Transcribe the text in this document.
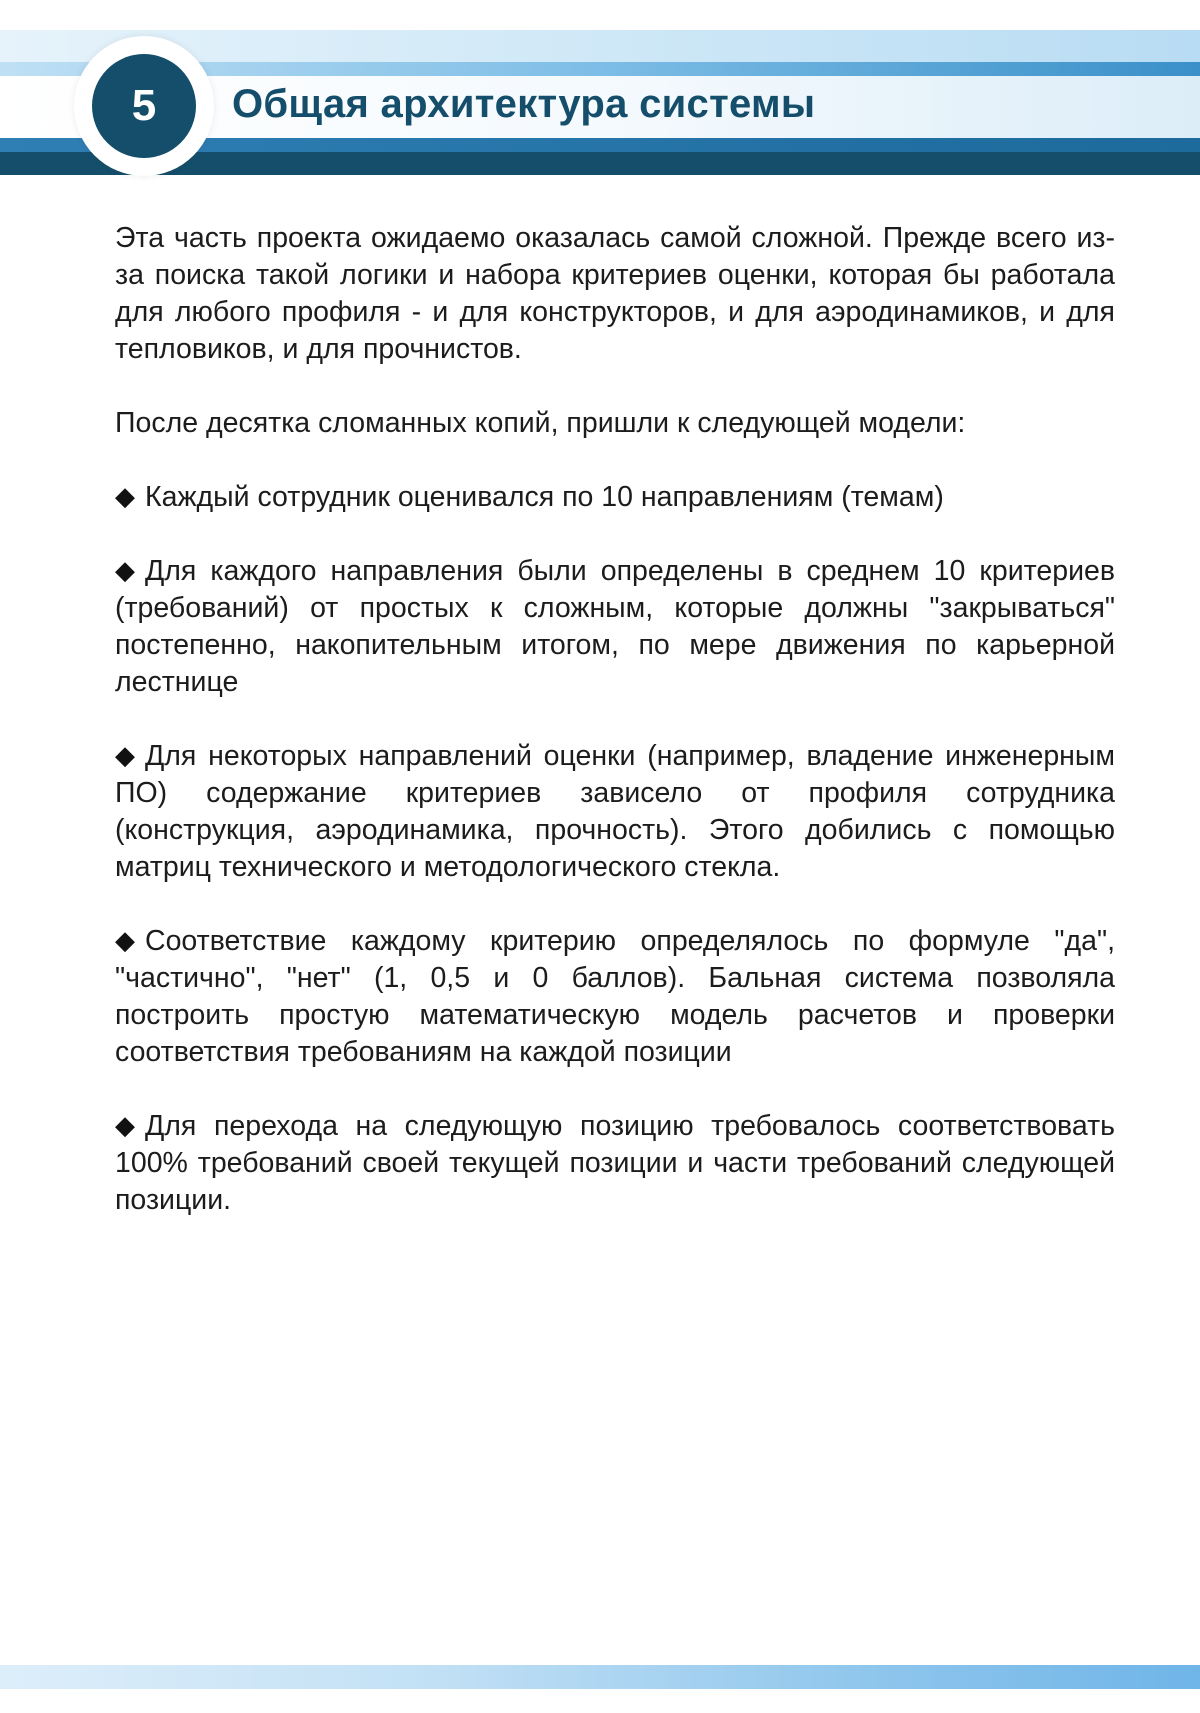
5	Общая архитектура системы

Эта часть проекта ожидаемо оказалась самой сложной. Прежде всего из-за поиска такой логики и набора критериев оценки, которая бы работала для любого профиля - и для конструкторов, и для аэродинамиков, и для тепловиков, и для прочнистов.

После десятка сломанных копий, пришли к следующей модели:

◆ Каждый сотрудник оценивался по 10 направлениям (темам)

◆ Для каждого направления были определены в среднем 10 критериев (требований) от простых к сложным, которые должны "закрываться" постепенно, накопительным итогом, по мере движения по карьерной лестнице

◆ Для некоторых направлений оценки (например, владение инженерным ПО) содержание критериев зависело от профиля сотрудника (конструкция, аэродинамика, прочность). Этого добились с помощью матриц технического и методологического стекла.

◆ Соответствие каждому критерию определялось по формуле "да", "частично", "нет" (1, 0,5 и 0 баллов). Бальная система позволяла построить простую математическую модель расчетов и проверки соответствия требованиям на каждой позиции

◆ Для перехода на следующую позицию требовалось соответствовать 100% требований своей текущей позиции и части требований следующей позиции.
